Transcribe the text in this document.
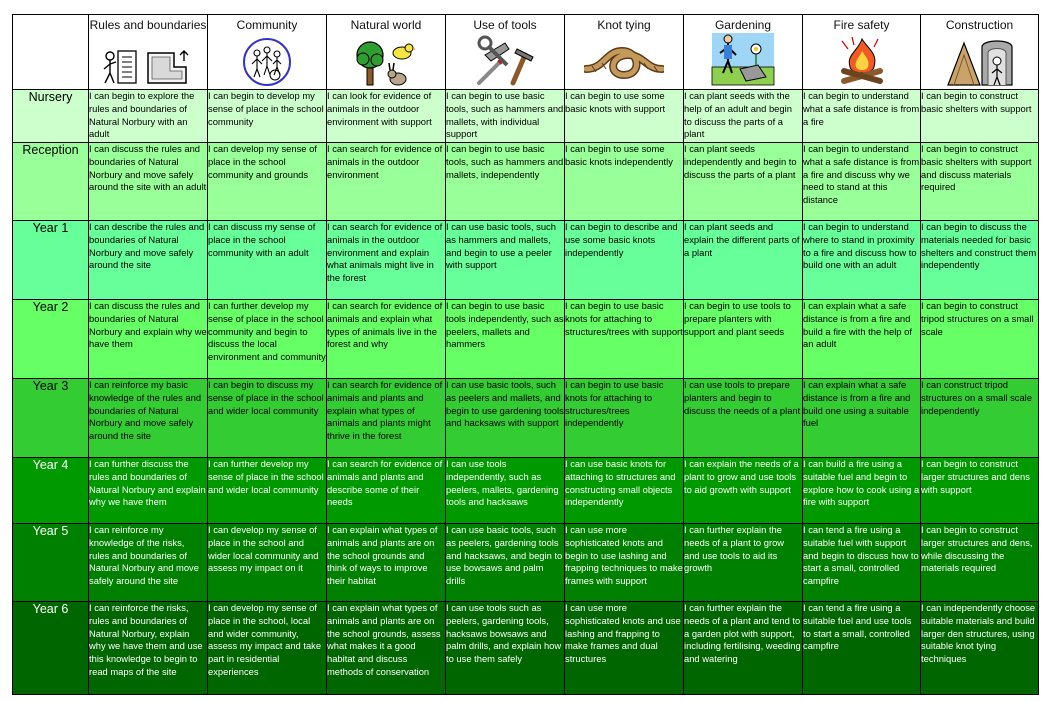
	Rules and boundaries	Community	Natural world	Use of tools	Knot tying	Gardening	Fire safety	Construction

Nursery	I can begin to explore the rules and boundaries of Natural Norbury with an adult	I can begin to develop my sense of place in the school community	I can look for evidence of animals in the outdoor environment with support	I can begin to use basic tools, such as hammers and mallets, with individual support	I can begin to use some basic knots with support	I can plant seeds with the help of an adult and begin to discuss the parts of a plant	I can begin to understand what a safe distance is from a fire	I can begin to construct basic shelters with support

Reception	I can discuss the rules and boundaries of Natural Norbury and move safely around the site with an adult	I can develop my sense of place in the school community and grounds	I can search for evidence of animals in the outdoor environment	I can begin to use basic tools, such as hammers and mallets, independently	I can begin to use some basic knots independently	I can plant seeds independently and begin to discuss the parts of a plant	I can begin to understand what a safe distance is from a fire and discuss why we need to stand at this distance	I can begin to construct basic shelters with support and discuss materials required

Year 1	I can describe the rules and boundaries of Natural Norbury and move safely around the site	I can discuss my sense of place in the school community with an adult	I can search for evidence of animals in the outdoor environment and explain what animals might live in the forest	I can use basic tools, such as hammers and mallets, and begin to use a peeler with support	I can begin to describe and use some basic knots independently	I can plant seeds and explain the different parts of a plant	I can begin to understand where to stand in proximity to a fire and discuss how to build one with an adult	I can begin to discuss the materials needed for basic shelters and construct them independently

Year 2	I can discuss the rules and boundaries of Natural Norbury and explain why we have them	I can further develop my sense of place in the school community and begin to discuss the local environment and community	I can search for evidence of animals and explain what types of animals live in the forest and why	I can begin to use basic tools independently, such as peelers, mallets and hammers	I can begin to use basic knots for attaching to structures/trees with support	I can begin to use tools to prepare planters with support and plant seeds	I can explain what a safe distance is from a fire and build a fire with the help of an adult	I can begin to construct tripod structures on a small scale

Year 3	I can reinforce my basic knowledge of the rules and boundaries of Natural Norbury and move safely around the site	I can begin to discuss my sense of place in the school and wider local community	I can search for evidence of animals and plants and explain what types of animals and plants might thrive in the forest	I can use basic tools, such as peelers and mallets, and begin to use gardening tools and hacksaws with support	I can begin to use basic knots for attaching to structures/trees independently	I can use tools to prepare planters and begin to discuss the needs of a plant	I can explain what a safe distance is from a fire and build one using a suitable fuel	I can construct tripod structures on a small scale independently

Year 4	I can further discuss the rules and boundaries of Natural Norbury and explain why we have them	I can further develop my sense of place in the school and wider local community	I can search for evidence of animals and plants and describe some of their needs	I can use tools independently, such as peelers, mallets, gardening tools and hacksaws	I can use basic knots for attaching to structures and constructing small objects independently	I can explain the needs of a plant to grow and use tools to aid growth with support	I can build a fire using a suitable fuel and begin to explore how to cook using a fire with support	I can begin to construct larger structures and dens with support

Year 5	I can reinforce my knowledge of the risks, rules and boundaries of Natural Norbury and move safely around the site	I can develop my sense of place in the school and wider local community and assess my impact on it	I can explain what types of animals and plants are on the school grounds and think of ways to improve their habitat	I can use basic tools, such as peelers, gardening tools and hacksaws, and begin to use bowsaws and palm drills	I can use more sophisticated knots and begin to use lashing and frapping techniques to make frames with support	I can further explain the needs of a plant to grow and use tools to aid its growth	I can tend a fire using a suitable fuel with support and begin to discuss how to start a small, controlled campfire	I can begin to construct larger structures and dens, while discussing the materials required

Year 6	I can reinforce the risks, rules and boundaries of Natural Norbury, explain why we have them and use this knowledge to begin to read maps of the site	I can develop my sense of place in the school, local and wider community, assess my impact and take part in residential experiences	I can explain what types of animals and plants are on the school grounds, assess what makes it a good habitat and discuss methods of conservation	I can use tools such as peelers, gardening tools, hacksaws bowsaws and palm drills, and explain how to use them safely	I can use more sophisticated knots and use lashing and frapping to make frames and dual structures	I can further explain the needs of a plant and tend to a garden plot with support, including fertilising, weeding and watering	I can tend a fire using a suitable fuel and use tools to start a small, controlled campfire	I can independently choose suitable materials and build larger den structures, using suitable knot tying techniques
